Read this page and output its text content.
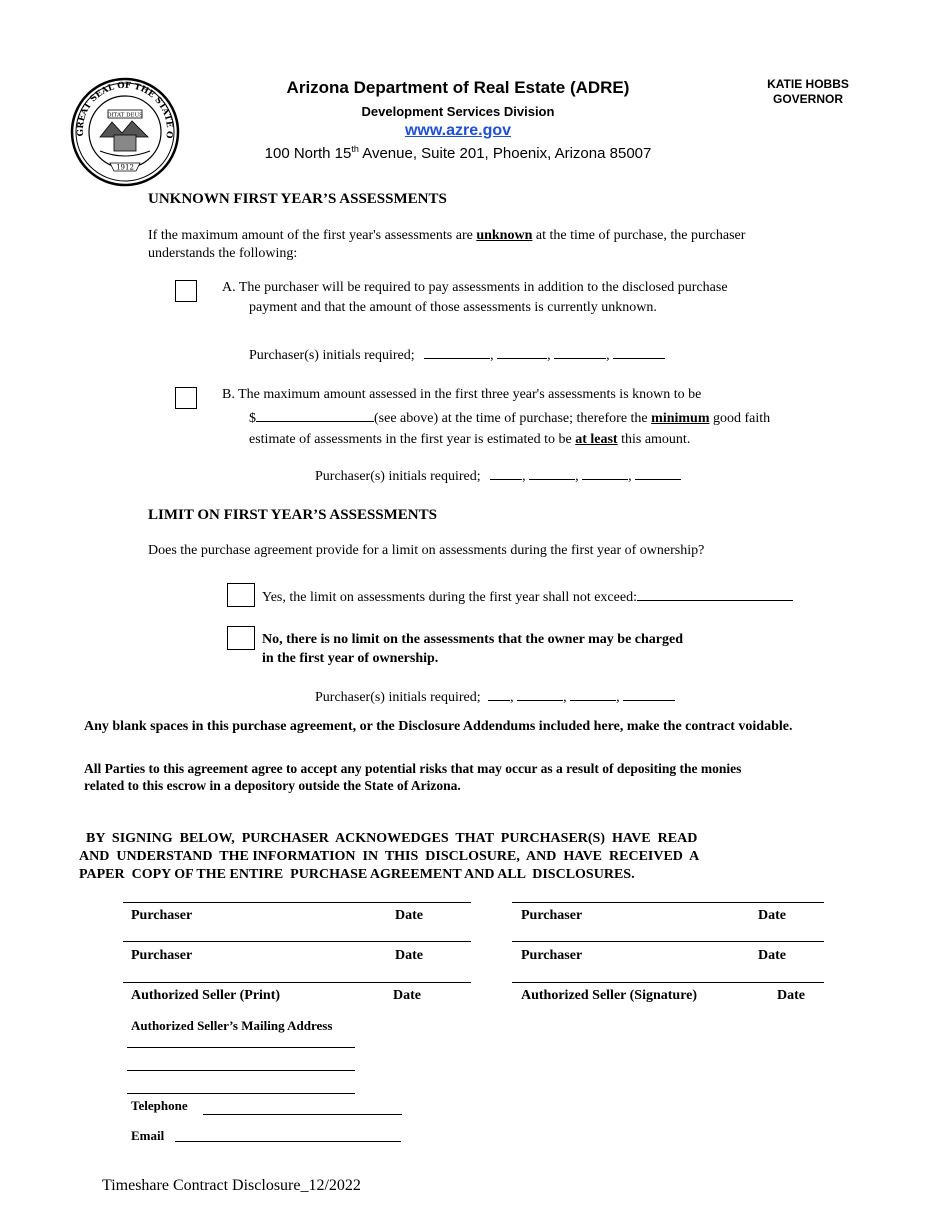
GREAT SEAL OF THE STATE O
DITAT DEUS
1912
Arizona Department of Real Estate (ADRE)
Development Services Division
www.azre.gov
100 North 15th Avenue, Suite 201, Phoenix, Arizona 85007
KATIE HOBBS
GOVERNOR
UNKNOWN FIRST YEAR’S ASSESSMENTS
If the maximum amount of the first year's assessments are unknown at the time of purchase, the purchaser
understands the following:
A. The purchaser will be required to pay assessments in addition to the disclosed purchase
payment and that the amount of those assessments is currently unknown.
Purchaser(s) initials required;	,	,	,
B. The maximum amount assessed in the first three year's assessments is known to be
$	(see above) at the time of purchase; therefore the minimum good faith
estimate of assessments in the first year is estimated to be at least this amount.
Purchaser(s) initials required;	,	,	,
LIMIT ON FIRST YEAR’S ASSESSMENTS
Does the purchase agreement provide for a limit on assessments during the first year of ownership?
Yes, the limit on assessments during the first year shall not exceed:
No, there is no limit on the assessments that the owner may be charged
in the first year of ownership.
Purchaser(s) initials required; ,	,	,
Any blank spaces in this purchase agreement, or the Disclosure Addendums included here, make the contract voidable.
All Parties to this agreement agree to accept any potential risks that may occur as a result of depositing the monies
related to this escrow in a depository outside the State of Arizona.

BY  SIGNING  BELOW,  PURCHASER  ACKNOWEDGES  THAT  PURCHASER(S)  HAVE  READ
AND  UNDERSTAND  THE INFORMATION  IN  THIS  DISCLOSURE,  AND  HAVE  RECEIVED  A
PAPER  COPY OF THE ENTIRE  PURCHASE AGREEMENT AND ALL  DISCLOSURES.

Purchaser	Date	Purchaser	Date
Purchaser	Date	Purchaser	Date
Authorized Seller (Print)	Date	Authorized Seller (Signature)	Date
Authorized Seller’s Mailing Address
Telephone
Email
Timeshare Contract Disclosure_12/2022
